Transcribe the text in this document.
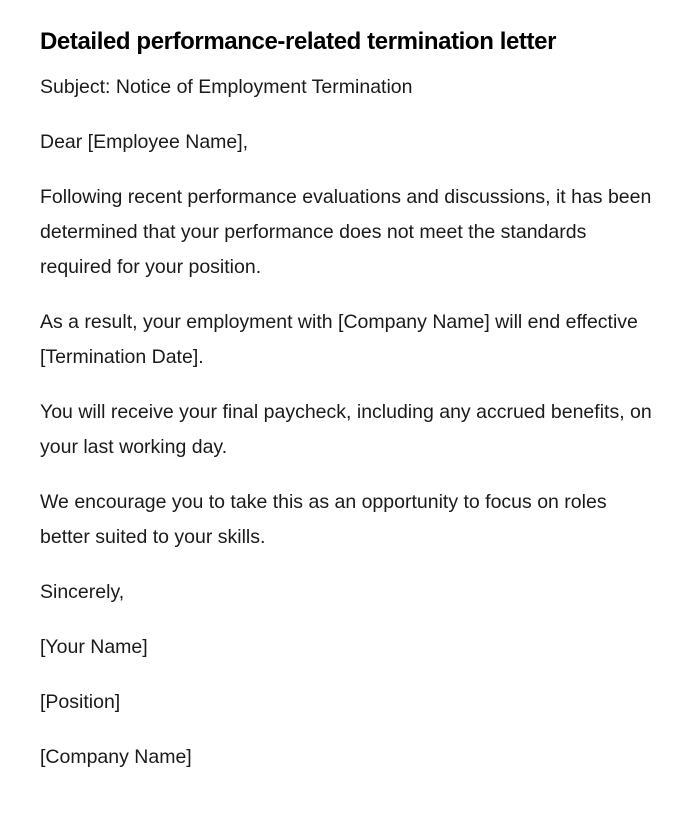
Detailed performance-related termination letter

Subject: Notice of Employment Termination

Dear [Employee Name],

Following recent performance evaluations and discussions, it has been determined that your performance does not meet the standards required for your position.

As a result, your employment with [Company Name] will end effective [Termination Date].

You will receive your final paycheck, including any accrued benefits, on your last working day.

We encourage you to take this as an opportunity to focus on roles better suited to your skills.

Sincerely,

[Your Name]

[Position]

[Company Name]
